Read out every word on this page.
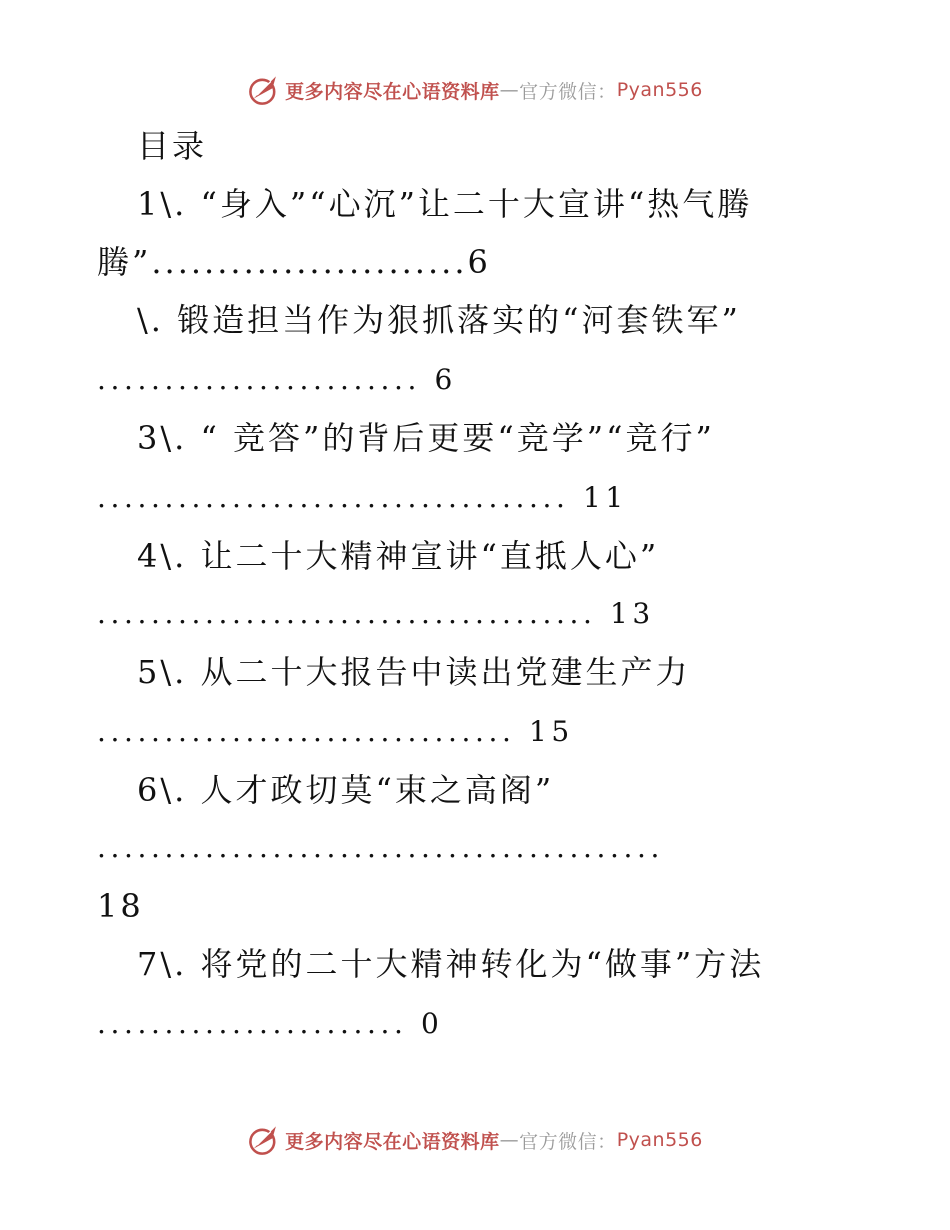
更多内容尽在心语资料库 — 官方微信： Pyan556
目录
1\. “身入”“心沉”让二十大宣讲“热气腾
腾”........................6
\. 锻造担当作为狠抓落实的“河套铁军”
........................ 6
3\. “ 竞答”的背后更要“竞学”“竞行”
................................... 11
4\. 让二十大精神宣讲“直抵人心”
..................................... 13
5\. 从二十大报告中读出党建生产力
............................... 15
6\. 人才政切莫“束之高阁”
..........................................
18
7\. 将党的二十大精神转化为“做事”方法
....................... 0
更多内容尽在心语资料库 — 官方微信： Pyan556
